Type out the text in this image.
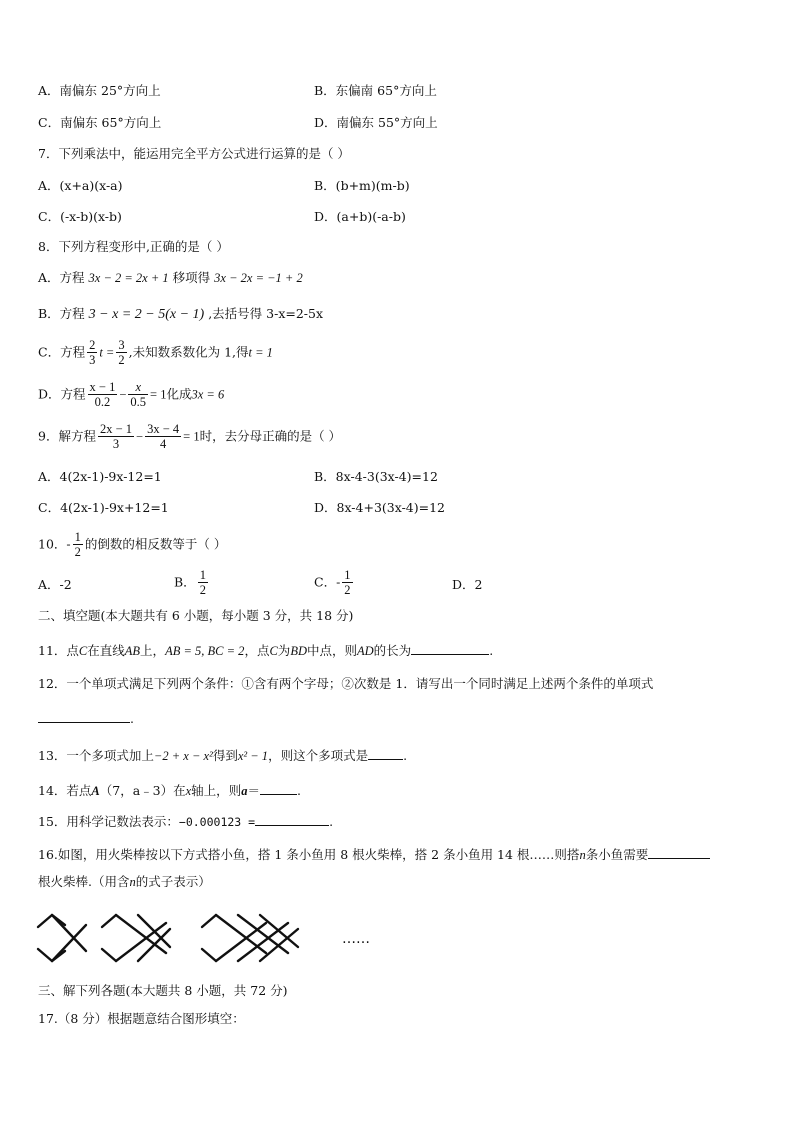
A．南偏东 25°方向上	B．东偏南 65°方向上
C．南偏东 65°方向上	D．南偏东 55°方向上
7．下列乘法中，能运用完全平方公式进行运算的是（ ）
A．(x+a)(x-a)	B．(b+m)(m-b)
C．(-x-b)(x-b)	D．(a+b)(-a-b)
8．下列方程变形中,正确的是（ ）
A．方程 3x − 2 = 2x + 1 移项得 3x − 2x = −1 + 2
B．方程 3 − x = 2 − 5(x − 1) ,去括号得 3-x=2-5x
C．方程 $\frac{2}{3}$ $t = \frac{3}{2}$ ,未知数系数化为 1,得t = 1
D．方程 $\frac{x - 1}{0.2} - \frac{x}{0.5} = 1$化成3x = 6
9．解方程 $\frac{2x - 1}{3} - \frac{3x - 4}{4} = 1$时，去分母正确的是（ ）
A．4(2x-1)-9x-12=1	B．8x-4-3(3x-4)=12
C．4(2x-1)-9x+12=1	D．8x-4+3(3x-4)=12
10．- $\frac{1}{2}$ 的倒数的相反数等于（ ）
A．-2	B． $\frac{1}{2}$	C．- $\frac{1}{2}$	D．2
二、填空题(本大题共有 6 小题，每小题 3 分，共 18 分)
11．点C在直线AB上，AB = 5, BC = 2，点C为BD中点，则AD的长为	.
12．一个单项式满足下列两个条件：①含有两个字母；②次数是 1．请写出一个同时满足上述两个条件的单项式
.
13．一个多项式加上−2 + x − x²得到x² − 1，则这个多项式是	.
14．若点A（7，a﹣3）在x轴上，则a＝	.
15．用科学记数法表示：−0.000123 =	.
16.如图，用火柴棒按以下方式搭小鱼，搭 1 条小鱼用 8 根火柴棒，搭 2 条小鱼用 14 根……则搭n条小鱼需要
根火柴棒.（用含n的式子表示）
……
三、解下列各题(本大题共 8 小题，共 72 分)
17.（8 分）根据题意结合图形填空：
